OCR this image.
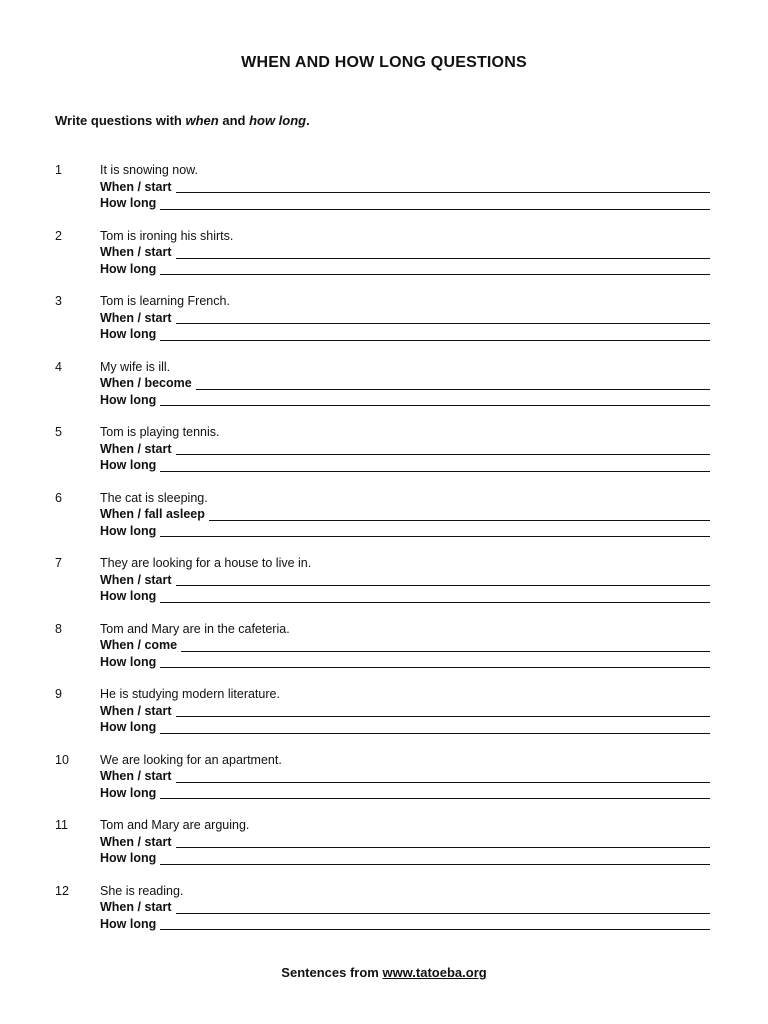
WHEN AND HOW LONG QUESTIONS
Write questions with when and how long.
1	It is snowing now.
When / start
How long
2	Tom is ironing his shirts.
When / start
How long
3	Tom is learning French.
When / start
How long
4	My wife is ill.
When / become
How long
5	Tom is playing tennis.
When / start
How long
6	The cat is sleeping.
When / fall asleep
How long
7	They are looking for a house to live in.
When / start
How long
8	Tom and Mary are in the cafeteria.
When / come
How long
9	He is studying modern literature.
When / start
How long
10 We are looking for an apartment.
When / start
How long
11	Tom and Mary are arguing.
When / start
How long
12 She is reading.
When / start
How long
Sentences from www.tatoeba.org
